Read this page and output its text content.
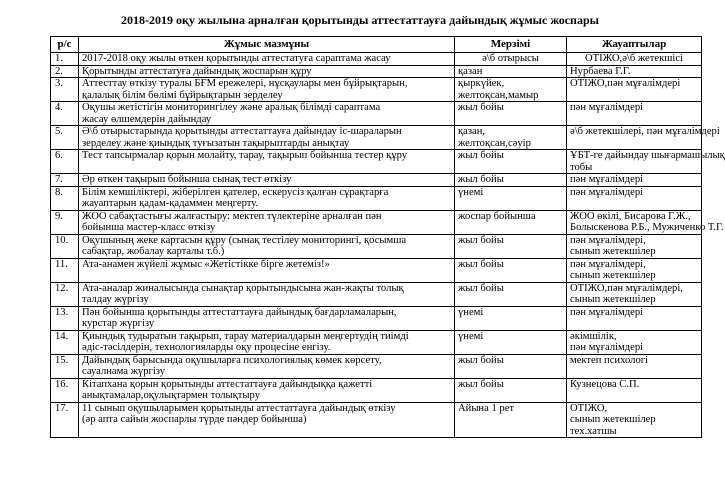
2018-2019 оқу жылына арналған қорытынды аттестаттауға дайындық жұмыс жоспары
р/с	Жұмыс мазмұны	Мерзімі	Жауаптылар
1.	2017-2018 оқу жылы өткен қорытынды аттестатуға сараптама жасау	ә\б отырысы	ОТІЖО,ә\б жетекшісі

2.	Қорытынды аттестатуға дайындық жоспарын құру	қазан	Нурбаева Г.Г.

3.	Аттесттау өткізу туралы БҒМ ережелері, нұсқаулары мен бұйрықтарын,
қалалық білім бөлімі бұйрықтарын зерделеу	қыркүйек,
желтоқсан,мамыр	ОТІЖО,пән мұғалімдері

4.	Оқушы жетістігін мониторингілеу және аралық білімді сараптама
жасау өлшемдерін дайындау	жыл бойы	пән мұғалімдері

5.	Ә\б отырыстарында қорытынды аттестаттауға дайындау іс-шараларын
зерделеу және қиындық туғызатын тақырыптарды анықтау	қазан,
желтоқсан,сәуір	ә\б жетекшілері, пән мұғалімдері

6.	Тест тапсырмалар қорын молайту, тарау, тақырып бойынша тестер құру	жыл бойы	ҰБТ-ге дайындау шығармашылық
тобы

7.	Әр өткен тақырып бойынша сынақ тест өткізу	жыл бойы	пән мұғалімдері

8.	Білім кемшіліктері, жіберілген қателер, ескерусіз қалған сұрақтарға
жауаптарын қадам-қадаммен меңгерту.	үнемі	пән мұғалімдері

9.	ЖОО сабақтастығы жалғастыру: мектеп түлектеріне арналған пән
бойынша мастер-класс өткізу	жоспар бойынша	ЖОО өкілі, Бисарова Г.Ж.,
Болыскенова Р.Б., Мужиченко Т.Г.

10.	Оқушының жеке картасын құру (сынақ тестілеу мониторингі, қосымша
сабақтар, жобалау карталы т.б.)	жыл бойы	пән мұғалімдері,
сынып жетекшілер

11.	Ата-анамен жүйелі жұмыс «Жетістікке бірге жетеміз!»	жыл бойы	пән мұғалімдері,
сынып жетекшілер

12.	Ата-аналар жиналысында сынақтар қорытындысына жан-жақты толық
талдау жүргізу	жыл бойы	ОТІЖО,пән мұғалімдері,
сынып жетекшілер

13.	Пән бойынша қорытынды аттестаттауға дайындық бағдарламаларын,
курстар жүргізу	үнемі	пән мұғалімдері

14.	Қиындық тудыратын тақырып, тарау материалдарын меңгертудің тиімді
әдіс-тәсілдерін, технологияларды оқу процесіне енгізу.	үнемі	әкімшілік,
пән мұғалімдері

15.	Дайындық барысында оқушыларға психологиялық көмек көрсету,
сауалнама жүргізу	жыл бойы	мектеп психологі

16.	Кітапхана қорын қорытынды аттестаттауға дайындыққа қажетті
анықтамалар,оқулықтармен толықтыру	жыл бойы	Кузнецова С.П.

17.	11 сынып оқушыларымен қорытынды аттестаттауға дайындық өткізу
(әр апта сайын жоспарлы түрде пәндер бойынша)	Айына 1 рет	ОТІЖО,
сынып жетекшілер
тех.хатшы
